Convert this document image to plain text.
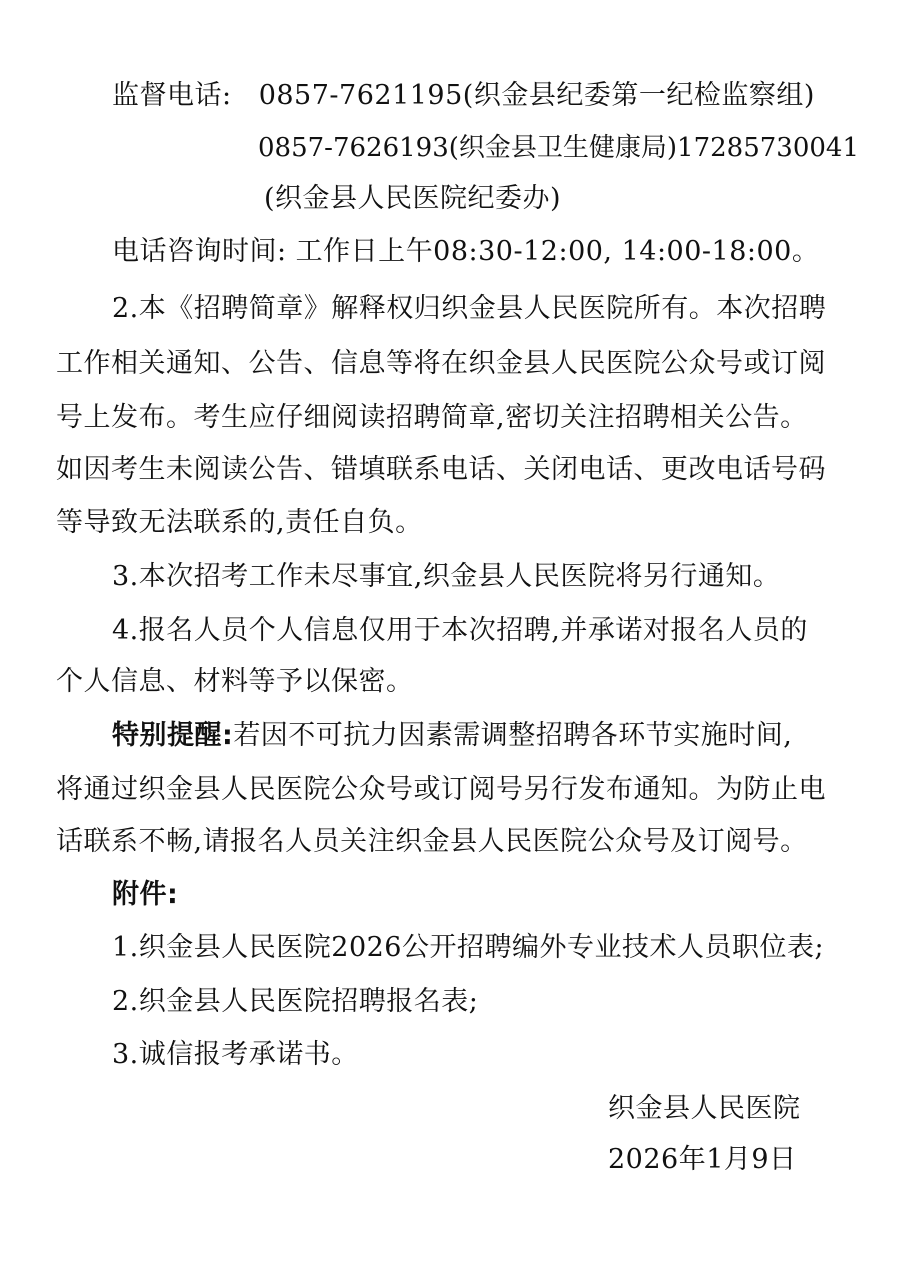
监督电话: 0857-7621195(织金县纪委第一纪检监察组)
0857-7626193(织金县卫生健康局)17285730041
(织金县人民医院纪委办)
电话咨询时间: 工作日上午08:30-12:00, 14:00-18:00。
2.本《招聘简章》解释权归织金县人民医院所有。本次招聘
工作相关通知、公告、信息等将在织金县人民医院公众号或订阅
号上发布。考生应仔细阅读招聘简章,密切关注招聘相关公告。
如因考生未阅读公告、错填联系电话、关闭电话、更改电话号码
等导致无法联系的,责任自负。
3.本次招考工作未尽事宜,织金县人民医院将另行通知。
4.报名人员个人信息仅用于本次招聘,并承诺对报名人员的
个人信息、材料等予以保密。
特别提醒:若因不可抗力因素需调整招聘各环节实施时间,
将通过织金县人民医院公众号或订阅号另行发布通知。为防止电
话联系不畅,请报名人员关注织金县人民医院公众号及订阅号。
附件:
1.织金县人民医院2026公开招聘编外专业技术人员职位表;
2.织金县人民医院招聘报名表;
3.诚信报考承诺书。
织金县人民医院
2026年1月9日
